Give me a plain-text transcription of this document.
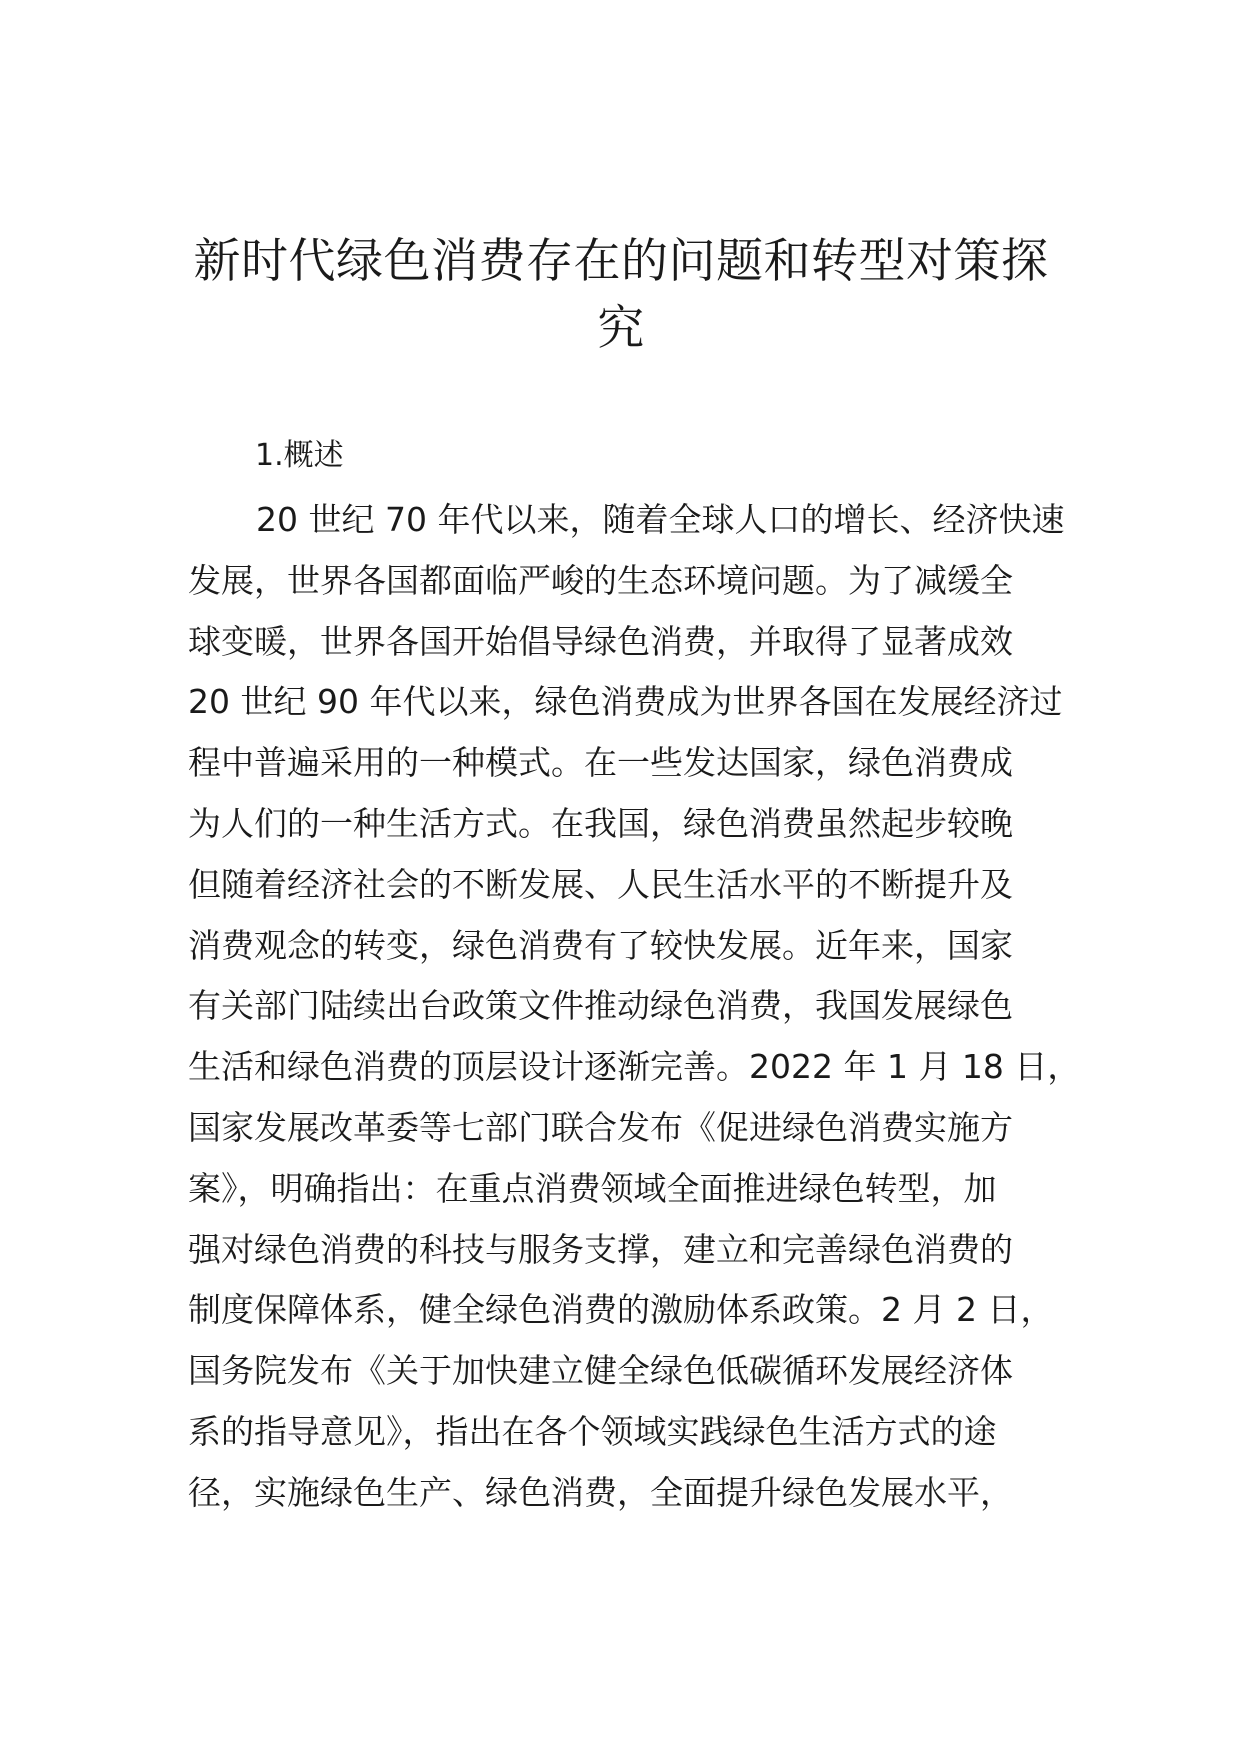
新时代绿色消费存在的问题和转型对策探
究
1.概述
20 世纪 70 年代以来，随着全球人口的增长、经济快速
发展，世界各国都面临严峻的生态环境问题。为了减缓全
球变暖，世界各国开始倡导绿色消费，并取得了显著成效
20 世纪 90 年代以来，绿色消费成为世界各国在发展经济过
程中普遍采用的一种模式。在一些发达国家，绿色消费成
为人们的一种生活方式。在我国，绿色消费虽然起步较晚
但随着经济社会的不断发展、人民生活水平的不断提升及
消费观念的转变，绿色消费有了较快发展。近年来，国家
有关部门陆续出台政策文件推动绿色消费，我国发展绿色
生活和绿色消费的顶层设计逐渐完善。2022 年 1 月 18 日，
国家发展改革委等七部门联合发布《促进绿色消费实施方
案》，明确指出：在重点消费领域全面推进绿色转型，加
强对绿色消费的科技与服务支撑，建立和完善绿色消费的
制度保障体系，健全绿色消费的激励体系政策。2 月 2 日，
国务院发布《关于加快建立健全绿色低碳循环发展经济体
系的指导意见》，指出在各个领域实践绿色生活方式的途
径，实施绿色生产、绿色消费，全面提升绿色发展水平，
